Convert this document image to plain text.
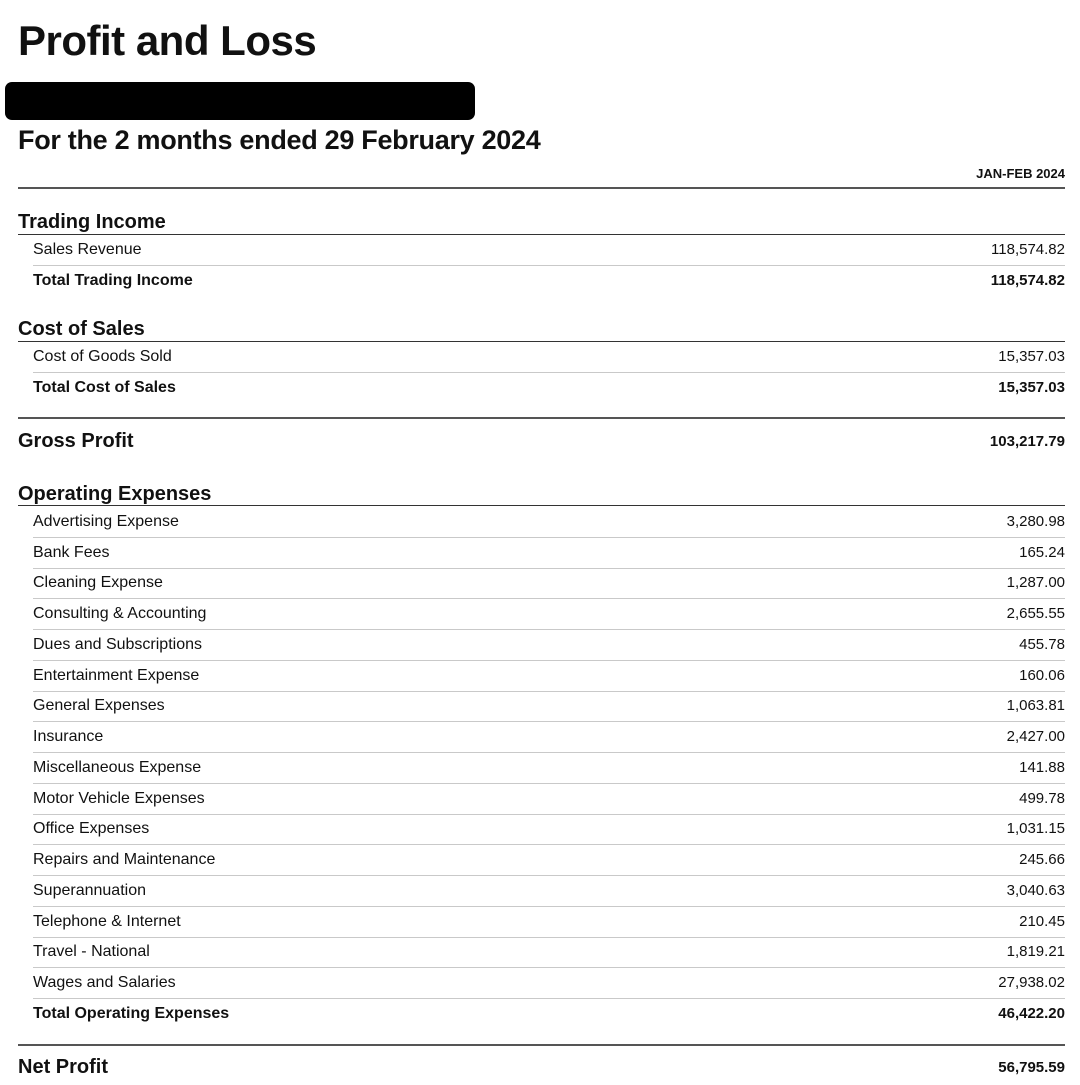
Profit and Loss
For the 2 months ended 29 February 2024
JAN-FEB 2024
Trading Income
Sales Revenue	118,574.82
Total Trading Income	118,574.82
Cost of Sales
Cost of Goods Sold	15,357.03
Total Cost of Sales	15,357.03
Gross Profit	103,217.79
Operating Expenses
Advertising Expense	3,280.98
Bank Fees	165.24
Cleaning Expense	1,287.00
Consulting & Accounting	2,655.55
Dues and Subscriptions	455.78
Entertainment Expense	160.06
General Expenses	1,063.81
Insurance	2,427.00
Miscellaneous Expense	141.88
Motor Vehicle Expenses	499.78
Office Expenses	1,031.15
Repairs and Maintenance	245.66
Superannuation	3,040.63
Telephone & Internet	210.45
Travel - National	1,819.21
Wages and Salaries	27,938.02
Total Operating Expenses	46,422.20
Net Profit	56,795.59
